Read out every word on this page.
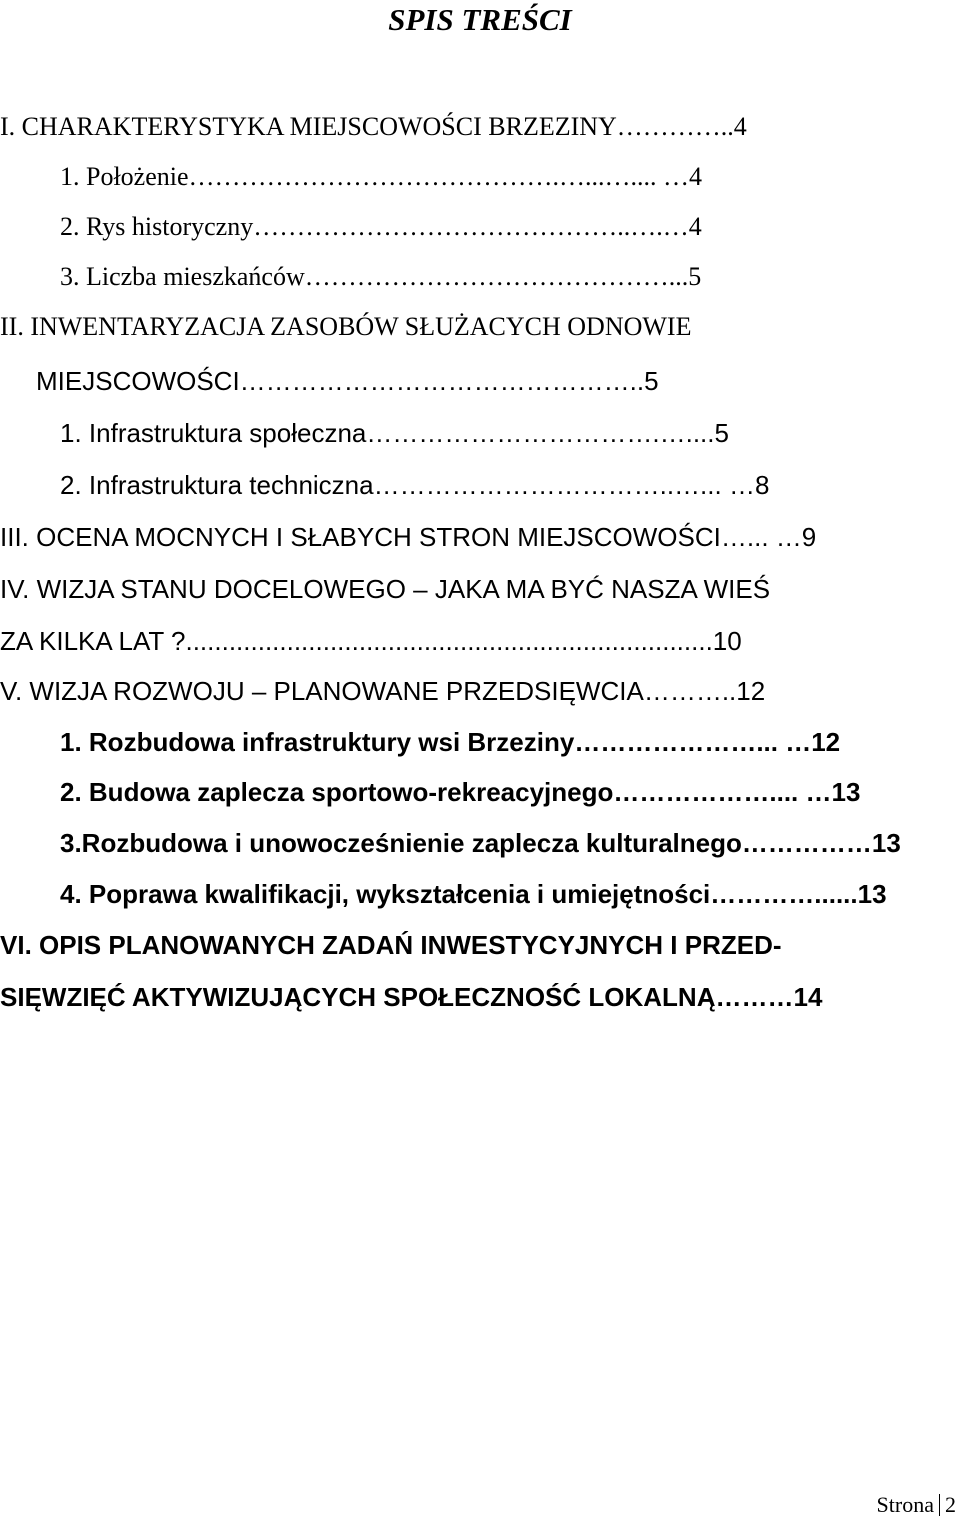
SPIS TREŚCI
I. CHARAKTERYSTYKA MIEJSCOWOŚCI BRZEZINY…………..4
1. Położenie…………………………………….…...….... …4
2. Rys historyczny……………………………………..….…4
3. Liczba mieszkańców……………………………………...5
II. INWENTARYZACJA ZASOBÓW SŁUŻACYCH ODNOWIE
MIEJSCOWOŚCI………………………………………..5
1. Infrastruktura społeczna…………………………….…....5
2. Infrastruktura techniczna……………………………..…... …8
III. OCENA MOCNYCH I SŁABYCH STRON MIEJSCOWOŚCI…... …9
IV. WIZJA STANU DOCELOWEGO – JAKA MA BYĆ NASZA WIEŚ
ZA KILKA LAT ?.........................................................................10
V. WIZJA ROZWOJU – PLANOWANE PRZEDSIĘWCIA………..12
1. Rozbudowa infrastruktury wsi Brzeziny…………………... …12
2. Budowa zaplecza sportowo-rekreacyjnego……………….... …13
3.Rozbudowa i unowocześnienie zaplecza kulturalnego……………13
4. Poprawa kwalifikacji, wykształcenia i umiejętności…………......13
VI. OPIS PLANOWANYCH ZADAŃ INWESTYCYJNYCH I PRZED-
SIĘWZIĘĆ AKTYWIZUJĄCYCH SPOŁECZNOŚĆ LOKALNĄ………14
Strona 2
